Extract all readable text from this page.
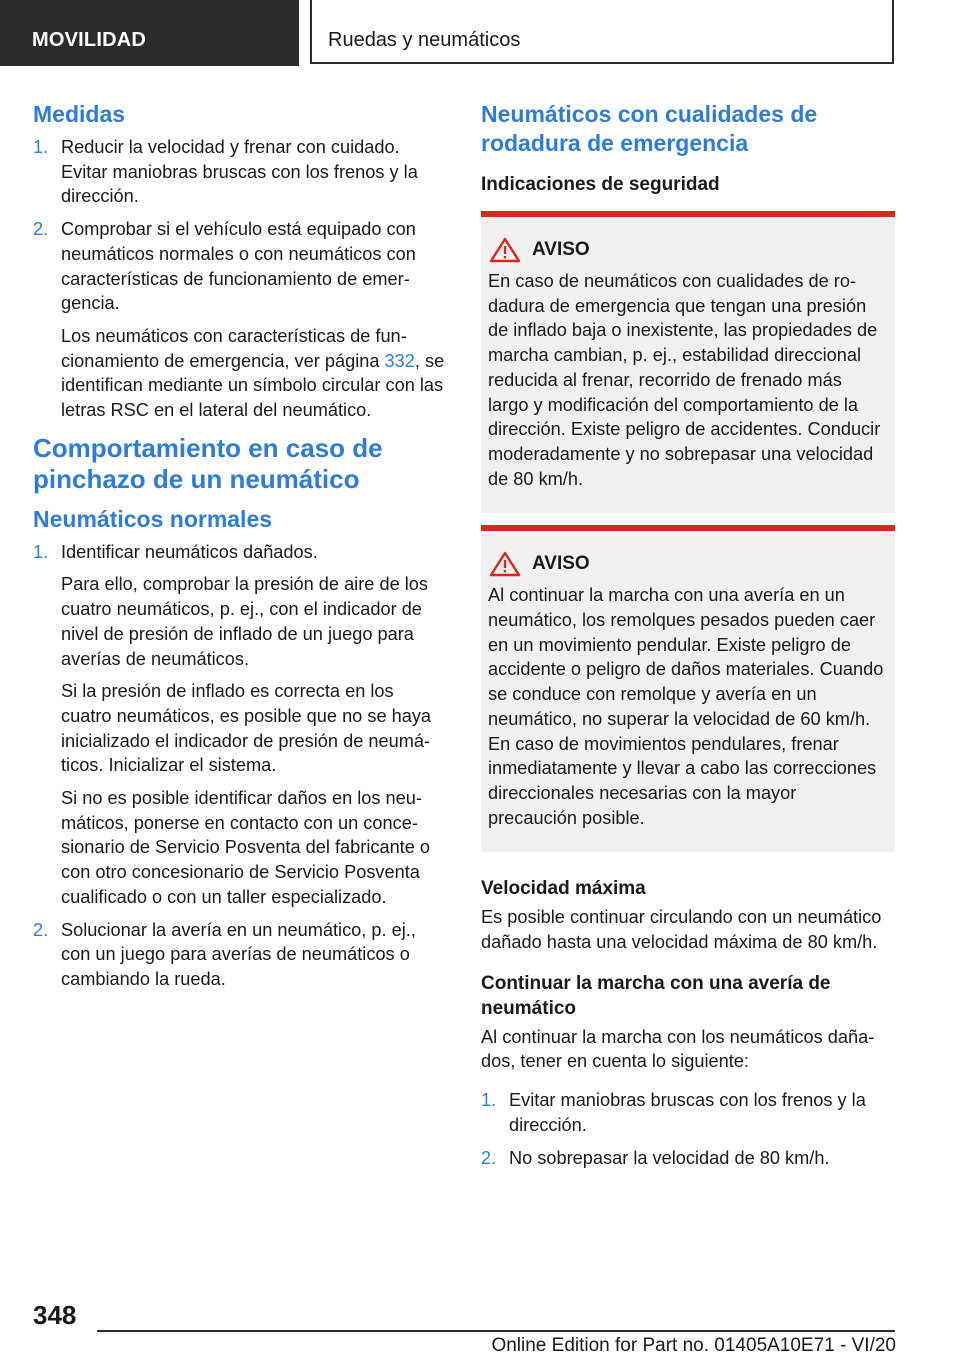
MOVILIDAD	Ruedas y neumáticos
Medidas
1. Reducir la velocidad y frenar con cuidado. Evitar maniobras bruscas con los frenos y la dirección.
2. Comprobar si el vehículo está equipado con neumáticos normales o con neumáticos con características de funcionamiento de emergencia.
Los neumáticos con características de funcionamiento de emergencia, ver página 332, se identifican mediante un símbolo circular con las letras RSC en el lateral del neumático.
Comportamiento en caso de pinchazo de un neumático
Neumáticos normales
1. Identificar neumáticos dañados.
Para ello, comprobar la presión de aire de los cuatro neumáticos, p. ej., con el indicador de nivel de presión de inflado de un juego para averías de neumáticos.
Si la presión de inflado es correcta en los cuatro neumáticos, es posible que no se haya inicializado el indicador de presión de neumáticos. Inicializar el sistema.
Si no es posible identificar daños en los neumáticos, ponerse en contacto con un concesionario de Servicio Posventa del fabricante o con otro concesionario de Servicio Posventa cualificado o con un taller especializado.
2. Solucionar la avería en un neumático, p. ej., con un juego para averías de neumáticos o cambiando la rueda.
Neumáticos con cualidades de rodadura de emergencia
Indicaciones de seguridad
AVISO
En caso de neumáticos con cualidades de rodadura de emergencia que tengan una presión de inflado baja o inexistente, las propiedades de marcha cambian, p. ej., estabilidad direccional reducida al frenar, recorrido de frenado más largo y modificación del comportamiento de la dirección. Existe peligro de accidentes. Conducir moderadamente y no sobrepasar una velocidad de 80 km/h.
AVISO
Al continuar la marcha con una avería en un neumático, los remolques pesados pueden caer en un movimiento pendular. Existe peligro de accidente o peligro de daños materiales. Cuando se conduce con remolque y avería en un neumático, no superar la velocidad de 60 km/h. En caso de movimientos pendulares, frenar inmediatamente y llevar a cabo las correcciones direccionales necesarias con la mayor precaución posible.
Velocidad máxima
Es posible continuar circulando con un neumático dañado hasta una velocidad máxima de 80 km/h.
Continuar la marcha con una avería de neumático
Al continuar la marcha con los neumáticos dañados, tener en cuenta lo siguiente:
1. Evitar maniobras bruscas con los frenos y la dirección.
2. No sobrepasar la velocidad de 80 km/h.
348
Online Edition for Part no. 01405A10E71 - VI/20
